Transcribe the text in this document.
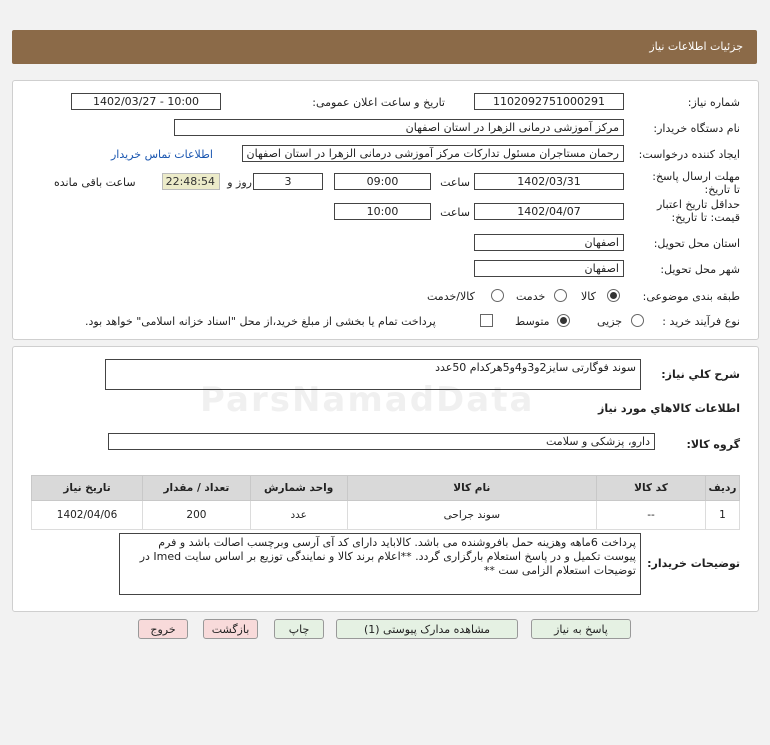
جزئیات اطلاعات نیاز
شماره نیاز:
1102092751000291
تاریخ و ساعت اعلان عمومی:
1402/03/27 - 10:00
نام دستگاه خریدار:
مرکز آموزشی درمانی الزهرا در استان اصفهان
ایجاد کننده درخواست:
رحمان مستاجران مسئول تدارکات مرکز آموزشی درمانی الزهرا در استان اصفهان
اطلاعات تماس خریدار
مهلت ارسال پاسخ: تا تاریخ:
1402/03/31
ساعت
09:00
3
روز و
22:48:54
ساعت باقی مانده
حداقل تاریخ اعتبار قیمت: تا تاریخ:
1402/04/07
ساعت
10:00
استان محل تحویل:
اصفهان
شهر محل تحویل:
اصفهان
طبقه بندی موضوعی:
کالا
خدمت
کالا/خدمت
نوع فرآیند خرید :
جزیی
متوسط
پرداخت تمام یا بخشی از مبلغ خرید،از محل "اسناد خزانه اسلامی" خواهد بود.
شرح کلي نياز:
سوند فوگارتی سایز2و3و4و5هرکدام 50عدد
اطلاعات کالاهاي مورد نياز
گروه کالا:
دارو، پزشکی و سلامت
ردیف	کد کالا	نام کالا	واحد شمارش	تعداد / مقدار	تاریخ نیاز
1	--	سوند جراحی	عدد	200	1402/04/06
توضیحات خریدار:
پرداخت 6ماهه وهزینه حمل بافروشنده می باشد. کالاباید دارای کد آی آرسی وبرچسب اصالت باشد و فرم پیوست تکمیل و در پاسخ استعلام بارگزاری گردد. **اعلام برند کالا و نمایندگی توزیع بر اساس سایت Imed در توضیحات استعلام الزامی ست **
ParsNamadData
پاسخ به نیاز
مشاهده مدارک پیوستی (1)
چاپ
بازگشت
خروج
